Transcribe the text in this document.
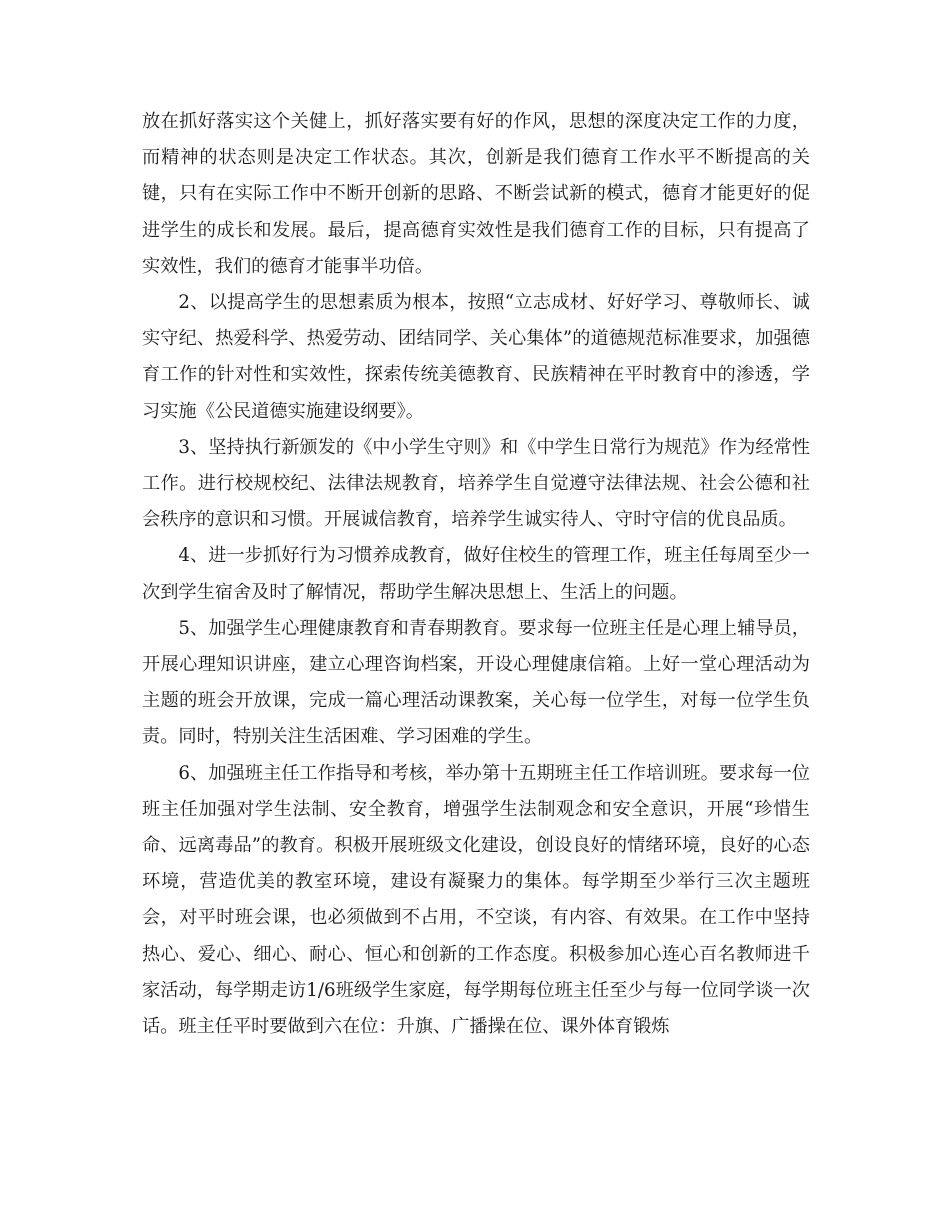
放在抓好落实这个关健上，抓好落实要有好的作风，思想的深度决定工作的力度，而精神的状态则是决定工作状态。其次，创新是我们德育工作水平不断提高的关键，只有在实际工作中不断开创新的思路、不断尝试新的模式，德育才能更好的促进学生的成长和发展。最后，提高德育实效性是我们德育工作的目标，只有提高了实效性，我们的德育才能事半功倍。

2、以提高学生的思想素质为根本，按照“立志成材、好好学习、尊敬师长、诚实守纪、热爱科学、热爱劳动、团结同学、关心集体”的道德规范标准要求，加强德育工作的针对性和实效性，探索传统美德教育、民族精神在平时教育中的渗透，学习实施《公民道德实施建设纲要》。

3、坚持执行新颁发的《中小学生守则》和《中学生日常行为规范》作为经常性工作。进行校规校纪、法律法规教育，培养学生自觉遵守法律法规、社会公德和社会秩序的意识和习惯。开展诚信教育，培养学生诚实待人、守时守信的优良品质。

4、进一步抓好行为习惯养成教育，做好住校生的管理工作，班主任每周至少一次到学生宿舍及时了解情况，帮助学生解决思想上、生活上的问题。

5、加强学生心理健康教育和青春期教育。要求每一位班主任是心理上辅导员，开展心理知识讲座，建立心理咨询档案，开设心理健康信箱。上好一堂心理活动为主题的班会开放课，完成一篇心理活动课教案，关心每一位学生，对每一位学生负责。同时，特别关注生活困难、学习困难的学生。

6、加强班主任工作指导和考核，举办第十五期班主任工作培训班。要求每一位班主任加强对学生法制、安全教育，增强学生法制观念和安全意识，开展“珍惜生命、远离毒品”的教育。积极开展班级文化建设，创设良好的情绪环境，良好的心态环境，营造优美的教室环境，建设有凝聚力的集体。每学期至少举行三次主题班会，对平时班会课，也必须做到不占用，不空谈，有内容、有效果。在工作中坚持热心、爱心、细心、耐心、恒心和创新的工作态度。积极参加心连心百名教师进千家活动，每学期走访1/6班级学生家庭，每学期每位班主任至少与每一位同学谈一次话。班主任平时要做到六在位：升旗、广播操在位、课外体育锻炼
